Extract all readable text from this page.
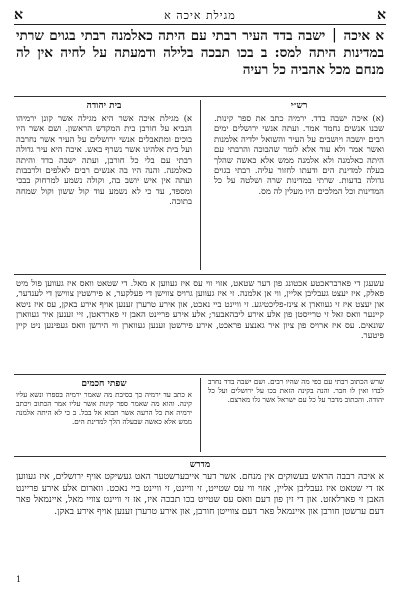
א
מגילת איכה א
א
א איכה ׀ ישבה בדד העיר רבתי עם היתה כאלמנה רבתי בגוים שרתי במדינות היתה למס: ב בכו תבכה בלילה ודמעתה על לחיה אין לה מנחם מכל אהביה כל רעיה
רש״י

(א) איכה ישבה בדד. ירמיה כתב את ספר קינות. שבנו אנשים נחמד אמר. ועתה אנשי ירושלים ימים רבים יושבה ויושבים על העיר והשואל ילדיה אלמנות ואשר אמר ולא עוד אלא לומר שהבוכה והרבתי עם היתה כאלמנה ולא אלמנה ממש אלא כאשה שהלך בעלה למדינת הים ודעתו לחזור עליה. רבתי בגוים גדולה בדעות. שרתי במדינות שרה ושלטה על כל המדינות וכל המלכים היו מעלין לה מס.

בית יהודה

א) מגילת איכה אשר היא מגילה אשר קונן ירמיהו הנביא על חורבן בית המקדש הראשון. ושם אשר היו בוכים ומתאבלים אנשי ירושלים על העיר אשר נחרבה ועל בית אלהינו אשר נשרף באש. איכה היא עיר גדולה רבתי עם בלי כל חורבן, ועתה ישבה בדד והיתה כאלמנה. והנה היו בה אנשים רבים לאלפים ולרבבות ועתה אין איש יושב בה, וקולה נשמע למרחוק בבכי ומספד, עד כי לא נשמע עוד קול ששון וקול שמחה בתוכה.

עשעגן די פארבראכטע אכטונג פון דער שטאט, אזוי ווי עס איז געווען א מאל. די שטאט וואס איז געווען פול מיט פאלק, איז יעצט געבליבן אליין, ווי אן אלמנה. זי איז געווען גרויס צווישן די פעלקער, א פירשטין צווישן די לענדער, און יעצט איז זי געווארן א צינז-פליכטיגע. זי וויינט ביי נאכט, און אירע טרערן זענען אויף אירע באקן, עס איז ניטא קיינער וואס זאל זי טרייסטן פון אלע אירע ליבהאבער; אלע אירע פריינט האבן זי פארראטן, זיי זענען איר געווארן שונאים. עס איז ארויס פון ציון איר גאנצע פראכט, אירע פירשטן זענען געווארן ווי הירשן וואס געפינען ניט קיין פיטער.

שפתי חכמים

א כתב עד ירמיה כך בסיבת מה שאמר ירמיה בספרו ונשא עליו קינה. והוא מה שאמר ספר קינות אשר עליו אמר הכתוב ויכתב ירמיה את כל הרעה אשר תבוא אל בבל. ב כי לא היתה אלמנה ממש אלא כאשה שבעלה הלך למדינת הים.

שרש הכתוב רבתי עם כפי מה שהיו רבים. ושם ישבה בדד נחרב לבדו ואין לו חבר. והנה בקינה הזאת בכו על ירושלים ועל כל יהודה. והכתוב מדבר על כל עם ישראל אשר גלו מארצם.

מדרש

א איכה רבבה הראש בעשוקים אין מנחם. אשר דער אייבערשטער האט געשיקט אויף ירושלים, איז געווען אז די שטאט איז געבליבן אליין, אזוי ווי עס שטייט, זי וויינט, זי וויינט ביי נאכט. ווארום אלע אירע פריינט האבן זי פארלאזט. און די זין פון דעם וואס עס שטייט בכו תבכה איז, אז זי וויינט צוויי מאל, איינמאל פאר דעם ערשטן חורבן און איינמאל פאר דעם צווייטן חורבן, און אירע טרערן זענען אויף אירע באקן.

1
